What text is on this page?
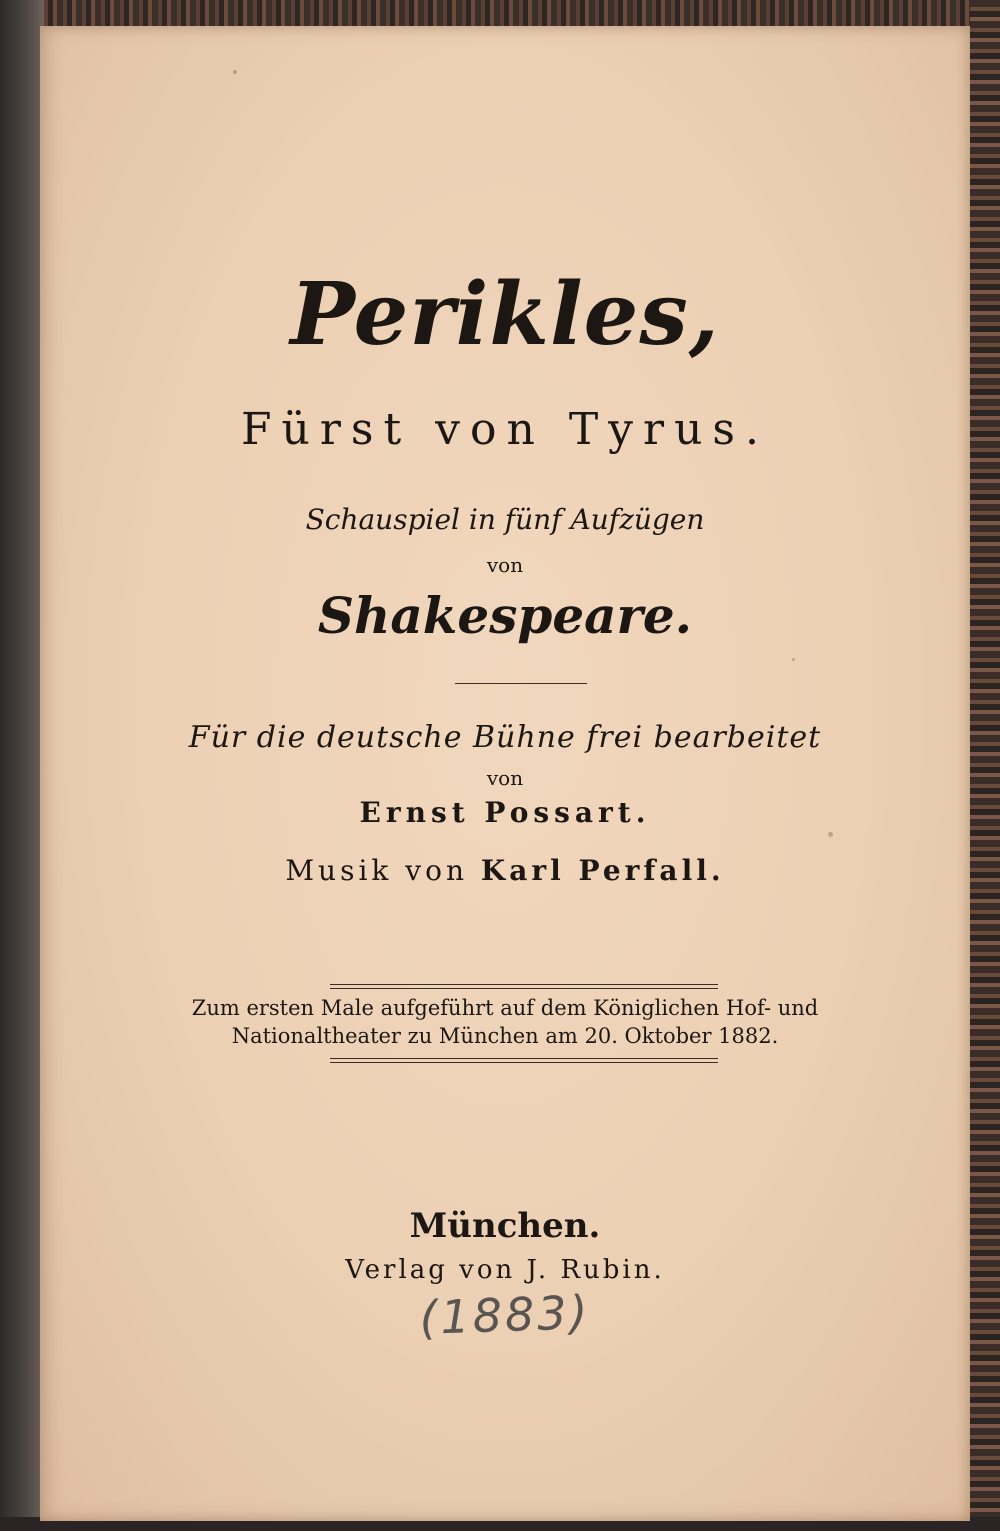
Perikles,
Fürst von Tyrus.
Schauspiel in fünf Aufzügen
von
Shakespeare.
Für die deutsche Bühne frei bearbeitet
von
Ernst Possart.
Musik von Karl Perfall.
Zum ersten Male aufgeführt auf dem Königlichen Hof- und
Nationaltheater zu München am 20. Oktober 1882.
München.
Verlag von J. Rubin.
(1883)
